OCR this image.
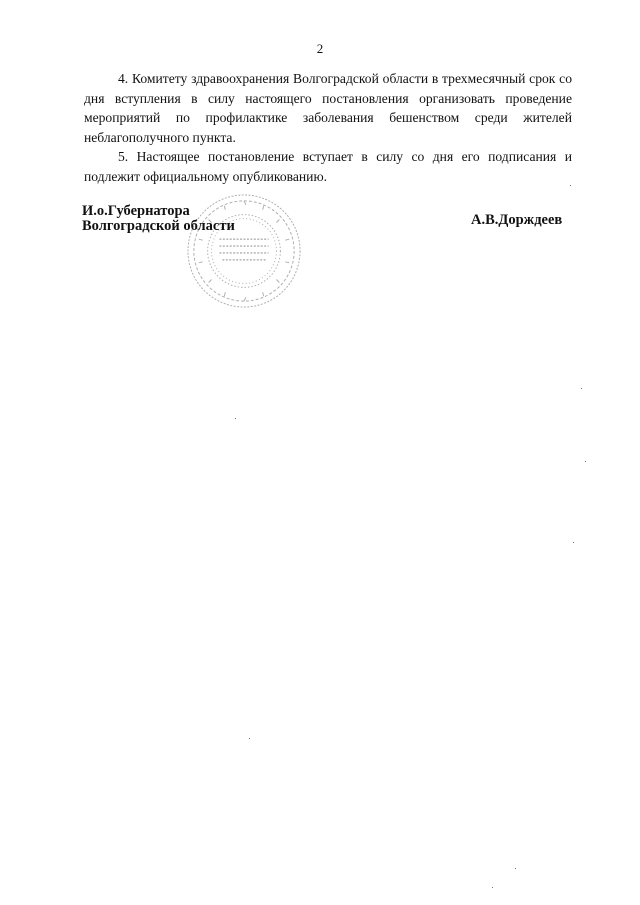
2

4. Комитету здравоохранения Волгоградской области в трехмесячный срок со дня вступления в силу настоящего постановления организовать проведение мероприятий по профилактике заболевания бешенством среди жителей неблагополучного пункта.

5. Настоящее постановление вступает в силу со дня его подписания и подлежит официальному опубликованию.

И.о.Губернатора
Волгоградской области	А.В.Дорждеев
